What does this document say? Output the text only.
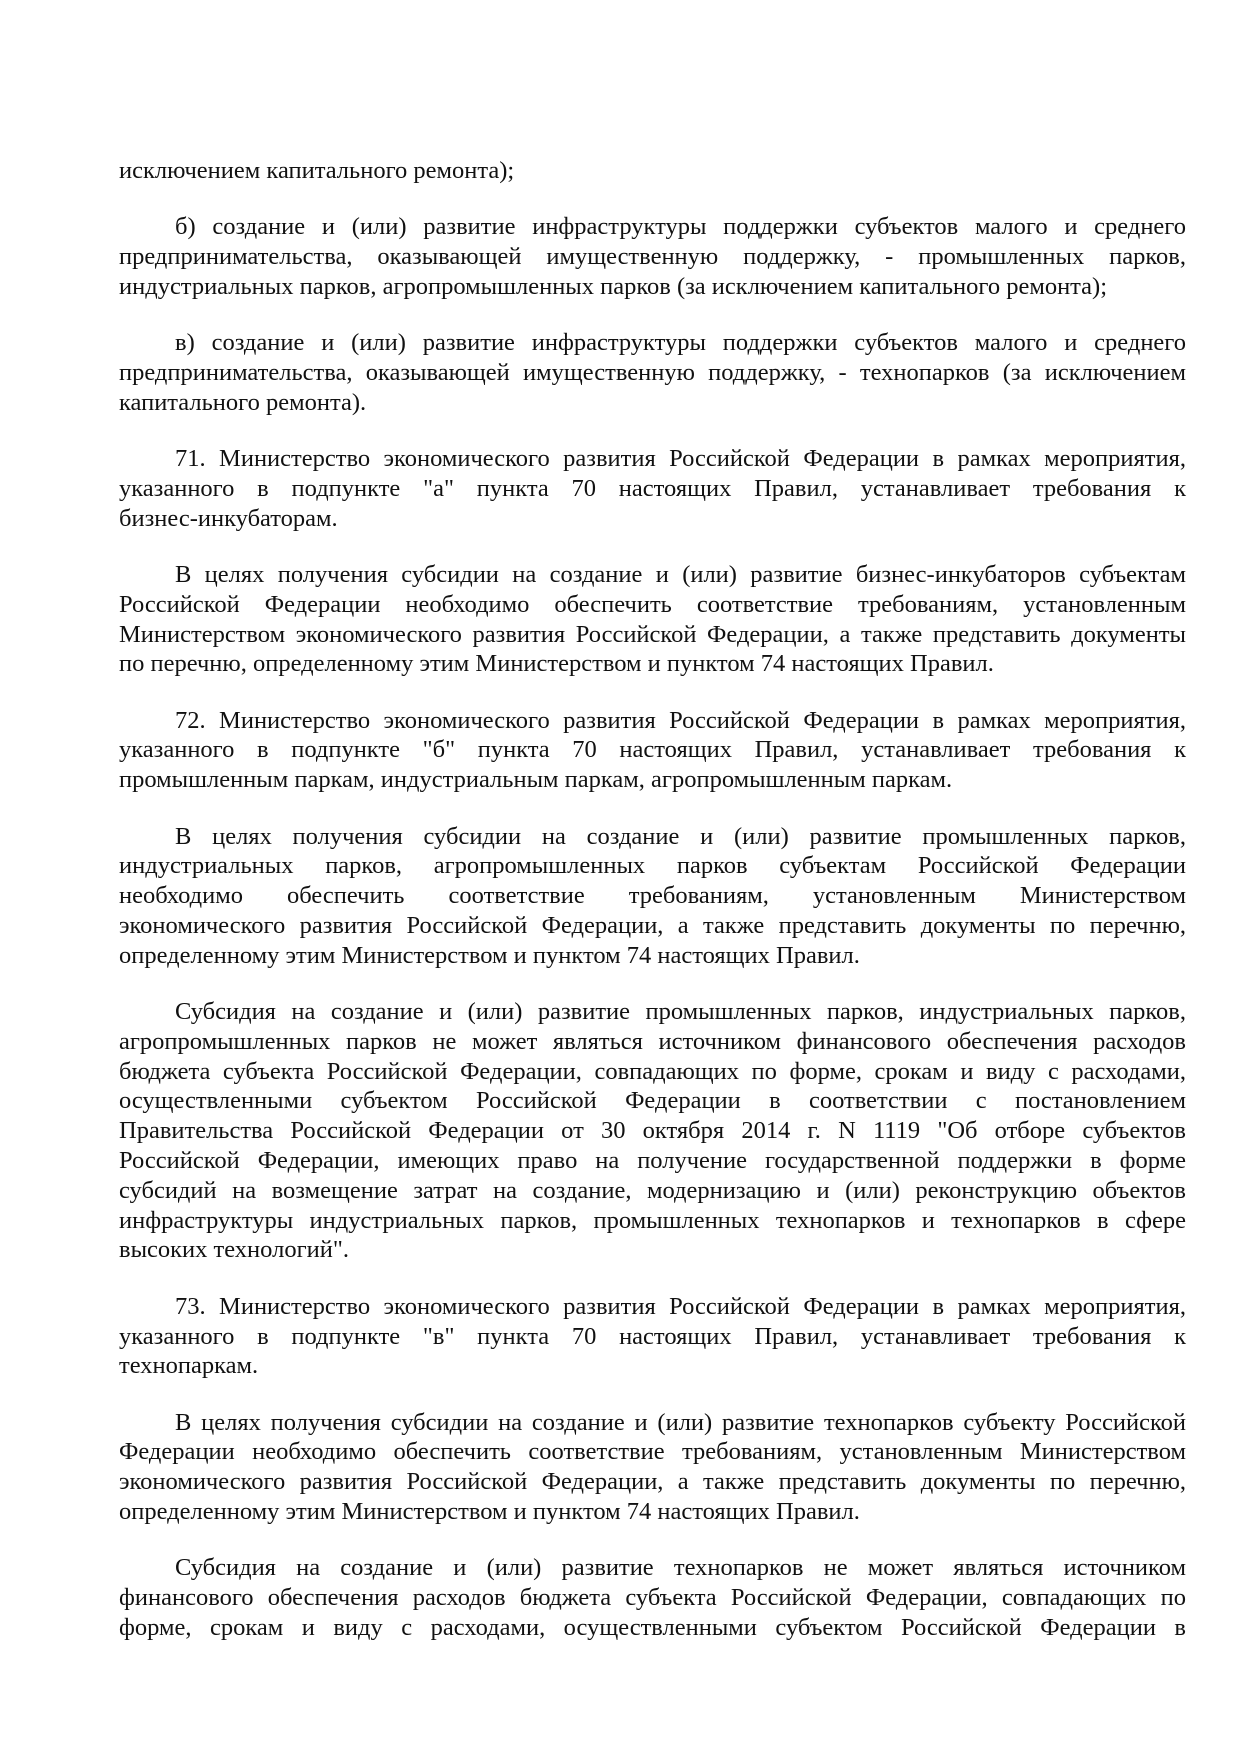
исключением капитального ремонта);
б) создание и (или) развитие инфраструктуры поддержки субъектов малого и среднего
предпринимательства, оказывающей имущественную поддержку, - промышленных парков,
индустриальных парков, агропромышленных парков (за исключением капитального ремонта);
в) создание и (или) развитие инфраструктуры поддержки субъектов малого и среднего
предпринимательства, оказывающей имущественную поддержку, - технопарков (за исключением
капитального ремонта).
71. Министерство экономического развития Российской Федерации в рамках мероприятия,
указанного в подпункте "а" пункта 70 настоящих Правил, устанавливает требования к
бизнес-инкубаторам.
В целях получения субсидии на создание и (или) развитие бизнес-инкубаторов субъектам
Российской Федерации необходимо обеспечить соответствие требованиям, установленным
Министерством экономического развития Российской Федерации, а также представить документы
по перечню, определенному этим Министерством и пунктом 74 настоящих Правил.
72. Министерство экономического развития Российской Федерации в рамках мероприятия,
указанного в подпункте "б" пункта 70 настоящих Правил, устанавливает требования к
промышленным паркам, индустриальным паркам, агропромышленным паркам.
В целях получения субсидии на создание и (или) развитие промышленных парков,
индустриальных парков, агропромышленных парков субъектам Российской Федерации
необходимо обеспечить соответствие требованиям, установленным Министерством
экономического развития Российской Федерации, а также представить документы по перечню,
определенному этим Министерством и пунктом 74 настоящих Правил.
Субсидия на создание и (или) развитие промышленных парков, индустриальных парков,
агропромышленных парков не может являться источником финансового обеспечения расходов
бюджета субъекта Российской Федерации, совпадающих по форме, срокам и виду с расходами,
осуществленными субъектом Российской Федерации в соответствии с постановлением
Правительства Российской Федерации от 30 октября 2014 г. N 1119 "Об отборе субъектов
Российской Федерации, имеющих право на получение государственной поддержки в форме
субсидий на возмещение затрат на создание, модернизацию и (или) реконструкцию объектов
инфраструктуры индустриальных парков, промышленных технопарков и технопарков в сфере
высоких технологий".
73. Министерство экономического развития Российской Федерации в рамках мероприятия,
указанного в подпункте "в" пункта 70 настоящих Правил, устанавливает требования к
технопаркам.
В целях получения субсидии на создание и (или) развитие технопарков субъекту Российской
Федерации необходимо обеспечить соответствие требованиям, установленным Министерством
экономического развития Российской Федерации, а также представить документы по перечню,
определенному этим Министерством и пунктом 74 настоящих Правил.
Субсидия на создание и (или) развитие технопарков не может являться источником
финансового обеспечения расходов бюджета субъекта Российской Федерации, совпадающих по
форме, срокам и виду с расходами, осуществленными субъектом Российской Федерации в
